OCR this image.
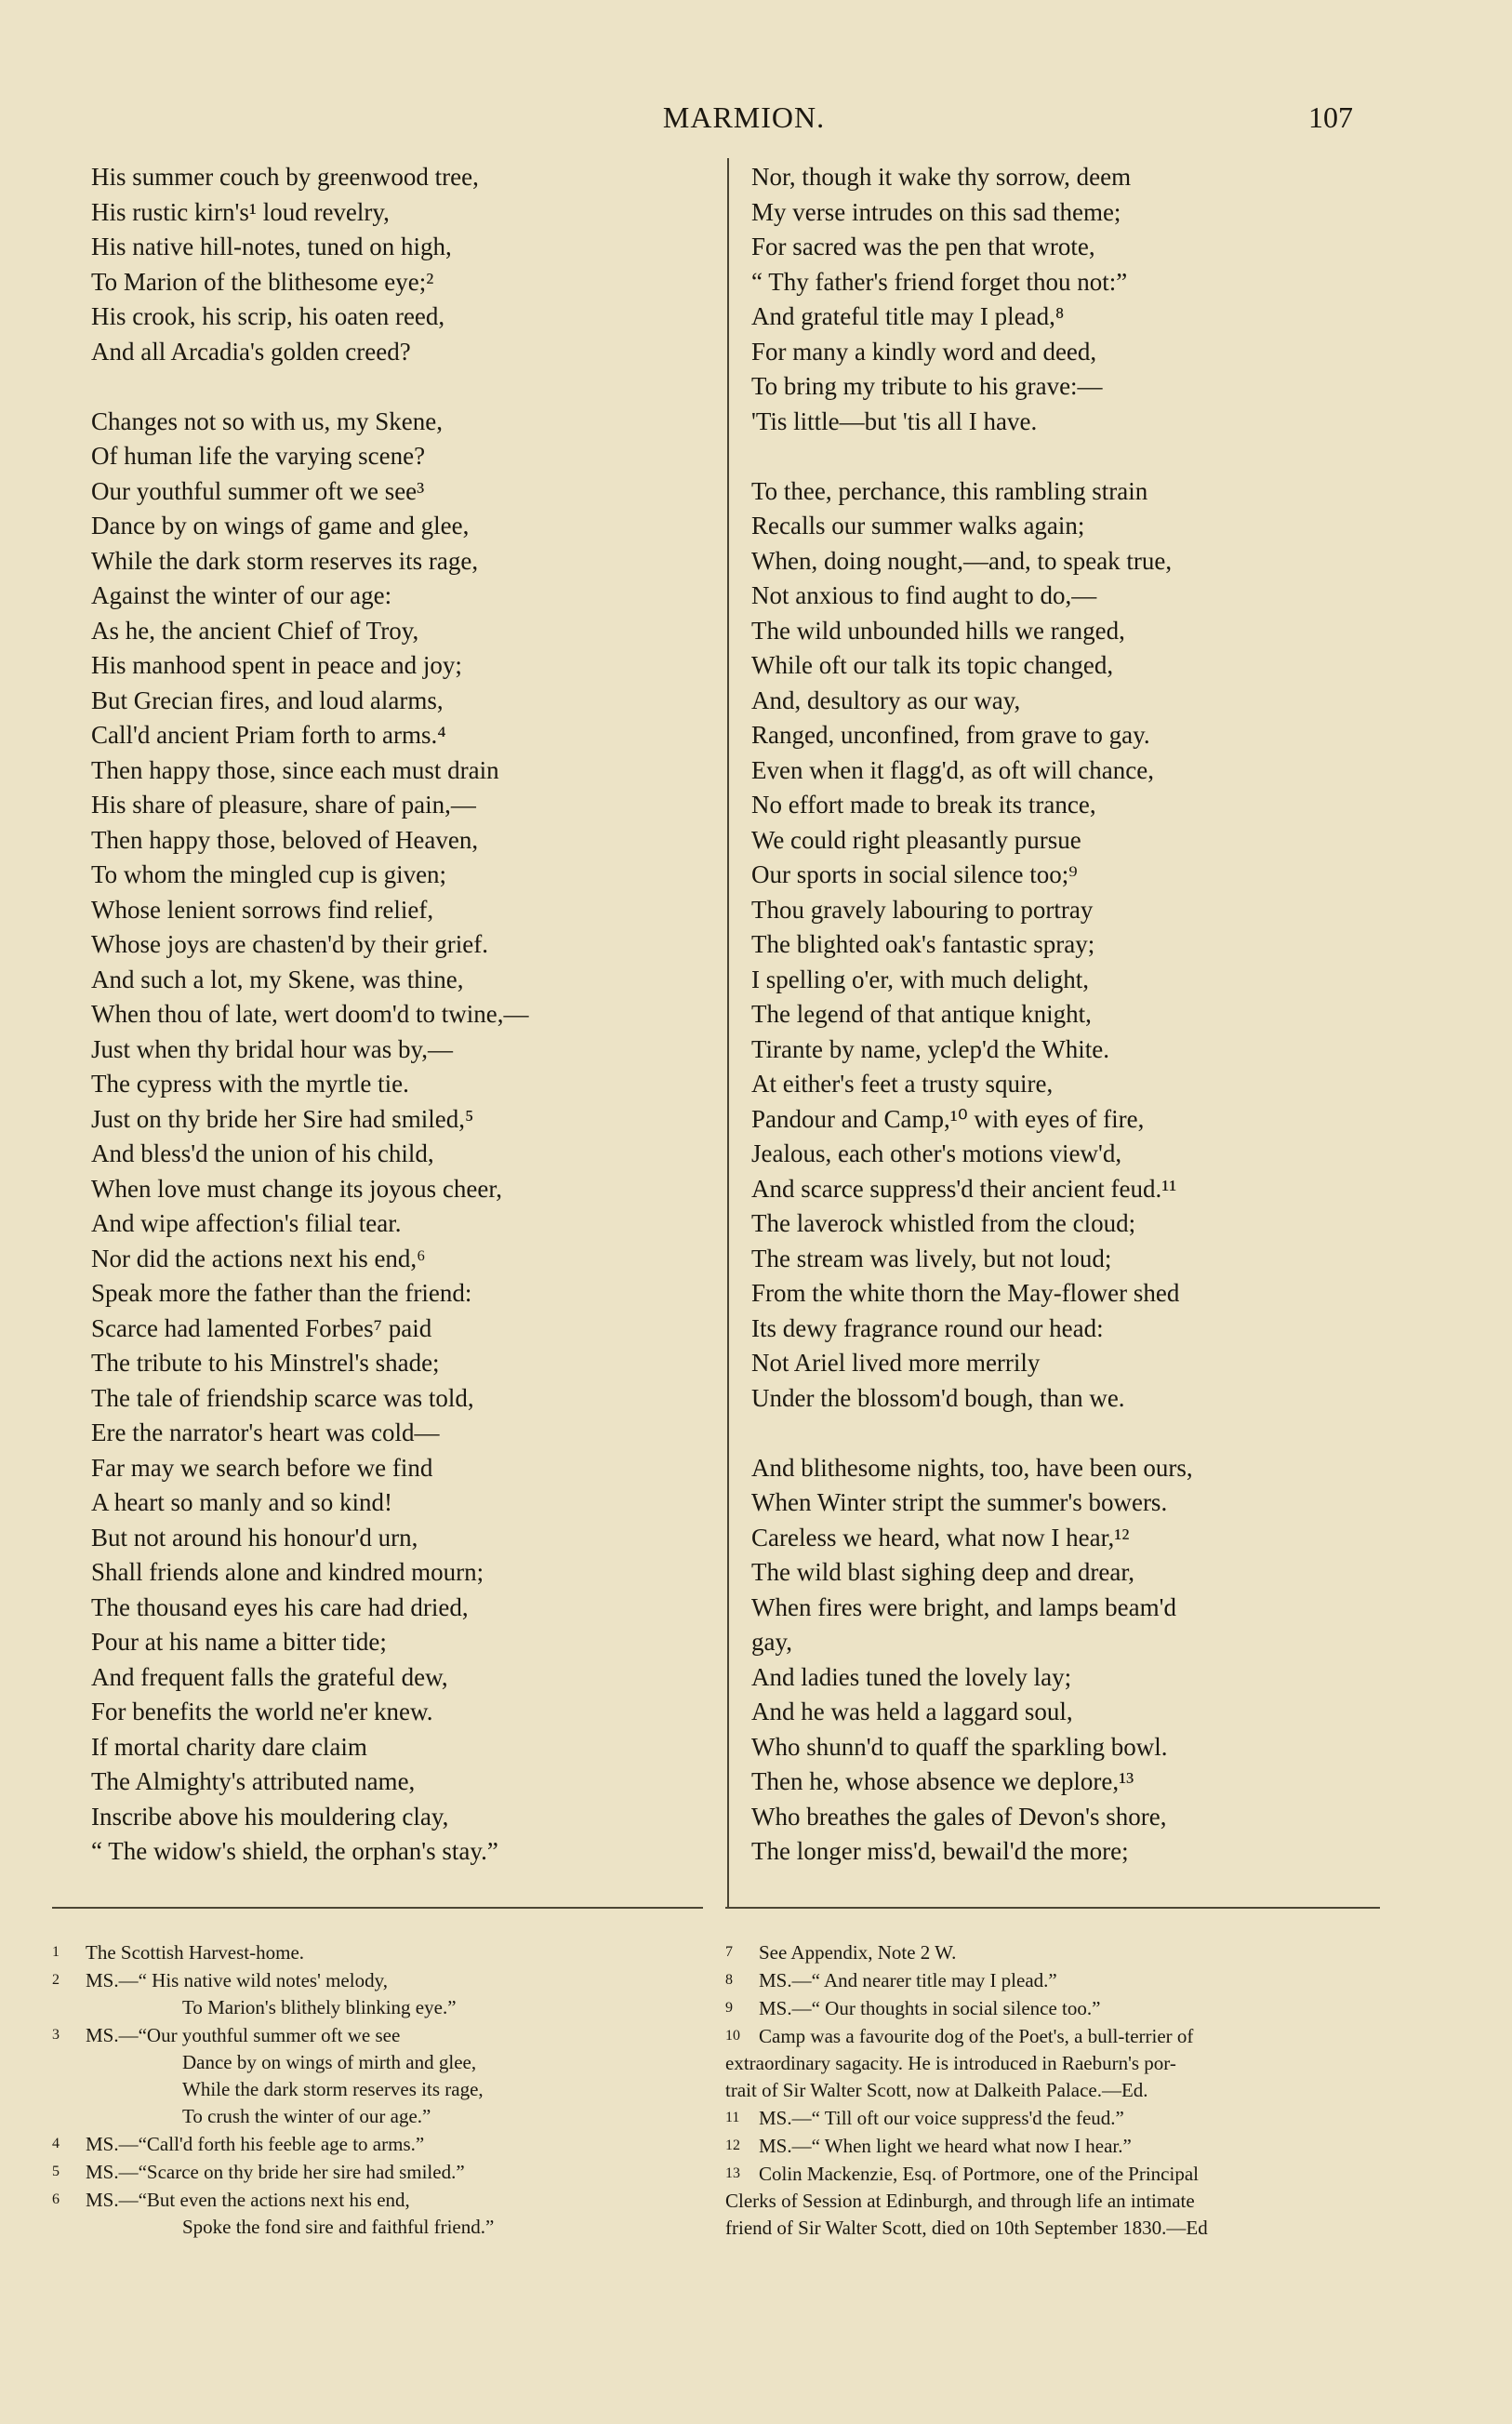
MARMION.	107
His summer couch by greenwood tree,
His rustic kirn's¹ loud revelry,
His native hill-notes, tuned on high,
To Marion of the blithesome eye;²
His crook, his scrip, his oaten reed,
And all Arcadia's golden creed?
Changes not so with us, my Skene,
Of human life the varying scene?
Our youthful summer oft we see³
Dance by on wings of game and glee,
While the dark storm reserves its rage,
Against the winter of our age:
As he, the ancient Chief of Troy,
His manhood spent in peace and joy;
But Grecian fires, and loud alarms,
Call'd ancient Priam forth to arms.⁴
Then happy those, since each must drain
His share of pleasure, share of pain,—
Then happy those, beloved of Heaven,
To whom the mingled cup is given;
Whose lenient sorrows find relief,
Whose joys are chasten'd by their grief.
And such a lot, my Skene, was thine,
When thou of late, wert doom'd to twine,—
Just when thy bridal hour was by,—
The cypress with the myrtle tie.
Just on thy bride her Sire had smiled,⁵
And bless'd the union of his child,
When love must change its joyous cheer,
And wipe affection's filial tear.
Nor did the actions next his end,⁶
Speak more the father than the friend:
Scarce had lamented Forbes⁷ paid
The tribute to his Minstrel's shade;
The tale of friendship scarce was told,
Ere the narrator's heart was cold—
Far may we search before we find
A heart so manly and so kind!
But not around his honour'd urn,
Shall friends alone and kindred mourn;
The thousand eyes his care had dried,
Pour at his name a bitter tide;
And frequent falls the grateful dew,
For benefits the world ne'er knew.
If mortal charity dare claim
The Almighty's attributed name,
Inscribe above his mouldering clay,
“ The widow's shield, the orphan's stay.”
Nor, though it wake thy sorrow, deem
My verse intrudes on this sad theme;
For sacred was the pen that wrote,
“ Thy father's friend forget thou not:”
And grateful title may I plead,⁸
For many a kindly word and deed,
To bring my tribute to his grave:—
'Tis little—but 'tis all I have.
To thee, perchance, this rambling strain
Recalls our summer walks again;
When, doing nought,—and, to speak true,
Not anxious to find aught to do,—
The wild unbounded hills we ranged,
While oft our talk its topic changed,
And, desultory as our way,
Ranged, unconfined, from grave to gay.
Even when it flagg'd, as oft will chance,
No effort made to break its trance,
We could right pleasantly pursue
Our sports in social silence too;⁹
Thou gravely labouring to portray
The blighted oak's fantastic spray;
I spelling o'er, with much delight,
The legend of that antique knight,
Tirante by name, yclep'd the White.
At either's feet a trusty squire,
Pandour and Camp,¹⁰ with eyes of fire,
Jealous, each other's motions view'd,
And scarce suppress'd their ancient feud.¹¹
The laverock whistled from the cloud;
The stream was lively, but not loud;
From the white thorn the May-flower shed
Its dewy fragrance round our head:
Not Ariel lived more merrily
Under the blossom'd bough, than we.
And blithesome nights, too, have been ours,
When Winter stript the summer's bowers.
Careless we heard, what now I hear,¹²
The wild blast sighing deep and drear,
When fires were bright, and lamps beam'd
gay,
And ladies tuned the lovely lay;
And he was held a laggard soul,
Who shunn'd to quaff the sparkling bowl.
Then he, whose absence we deplore,¹³
Who breathes the gales of Devon's shore,
The longer miss'd, bewail'd the more;
1 The Scottish Harvest-home.
2 MS.—“ His native wild notes' melody,
To Marion's blithely blinking eye.”
3 MS.—“Our youthful summer oft we see
Dance by on wings of mirth and glee,
While the dark storm reserves its rage,
To crush the winter of our age.”
4 MS.—“Call'd forth his feeble age to arms.”
5 MS.—“Scarce on thy bride her sire had smiled.”
6 MS.—“But even the actions next his end,
Spoke the fond sire and faithful friend.”
7 See Appendix, Note 2 W.
8 MS.—“ And nearer title may I plead.”
9 MS.—“ Our thoughts in social silence too.”
10 Camp was a favourite dog of the Poet's, a bull-terrier of
extraordinary sagacity. He is introduced in Raeburn's por-
trait of Sir Walter Scott, now at Dalkeith Palace.—Ed.
11 MS.—“ Till oft our voice suppress'd the feud.”
12 MS.—“ When light we heard what now I hear.”
13 Colin Mackenzie, Esq. of Portmore, one of the Principal
Clerks of Session at Edinburgh, and through life an intimate
friend of Sir Walter Scott, died on 10th September 1830.—Ed
